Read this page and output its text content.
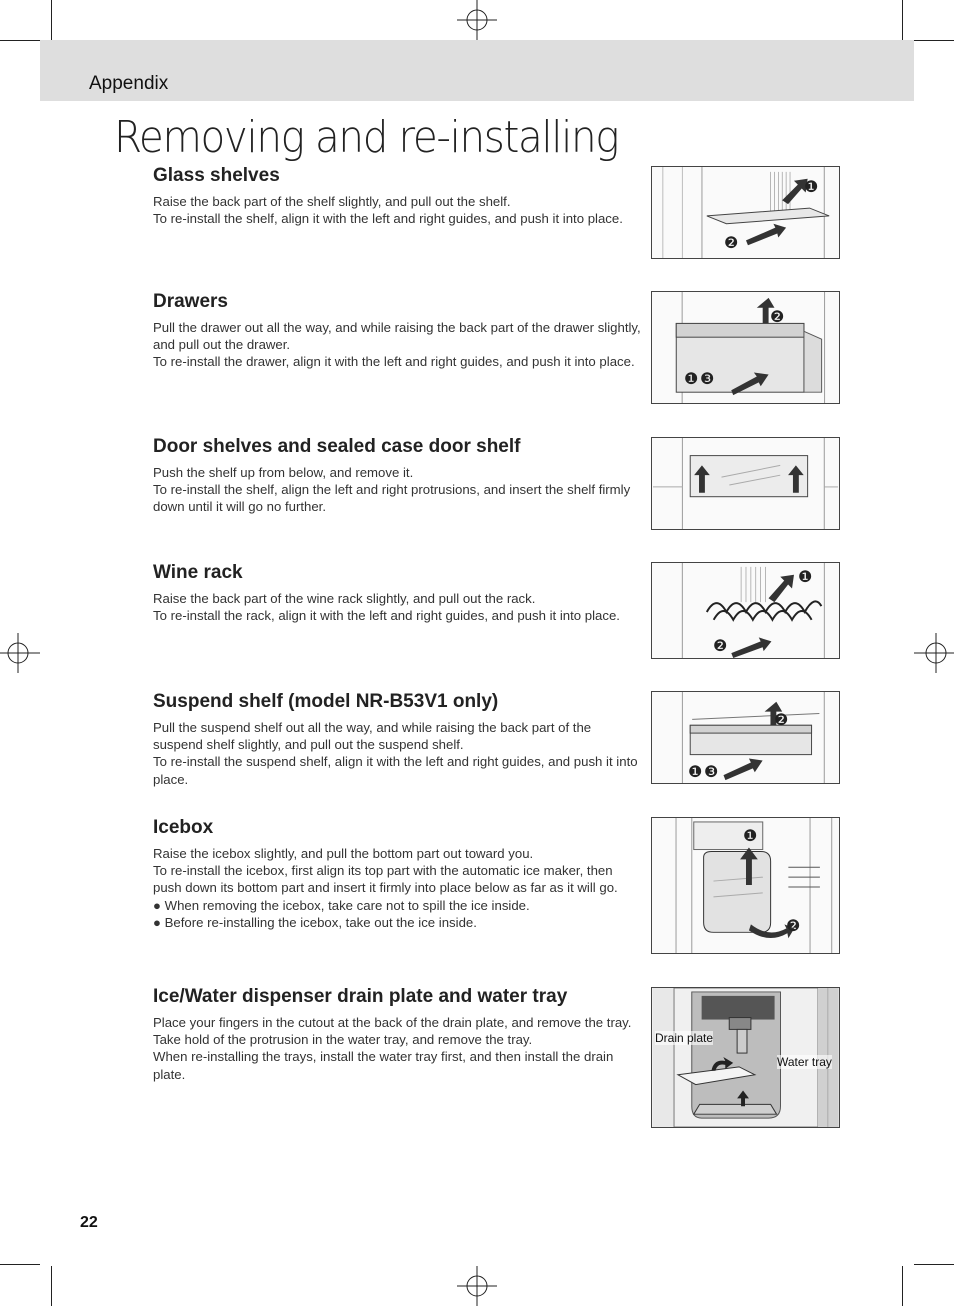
Appendix
Removing and re-installing
Glass shelves

Raise the back part of the shelf slightly, and pull out the shelf.

To re-install the shelf, align it with the left and right guides, and push it into place.

❶
❷
Drawers

Pull the drawer out all the way, and while raising the back part of the drawer slightly, and pull out the drawer.

To re-install the drawer, align it with the left and right guides, and push it into place.

❷
❶ ❸
Door shelves and sealed case door shelf

Push the shelf up from below, and remove it.

To re-install the shelf, align the left and right protrusions, and insert the shelf firmly down until it will go no further.

Wine rack

Raise the back part of the wine rack slightly, and pull out the rack.

To re-install the rack, align it with the left and right guides, and push it into place.

❶
❷
Suspend shelf (model NR-B53V1 only)

Pull the suspend shelf out all the way, and while raising the back part of the suspend shelf slightly, and pull out the suspend shelf.

To re-install the suspend shelf, align it with the left and right guides, and push it into place.

❷
❶ ❸
Icebox

Raise the icebox slightly, and pull the bottom part out toward you.

To re-install the icebox, first align its top part with the automatic ice maker, then push down its bottom part and insert it firmly into place below as far as it will go.

● When removing the icebox, take care not to spill the ice inside.

● Before re-installing the icebox, take out the ice inside.

❶
❷
Ice/Water dispenser drain plate and water tray

Place your fingers in the cutout at the back of the drain plate, and remove the tray.

Take hold of the protrusion in the water tray, and remove the tray.

When re-installing the trays, install the water tray first, and then install the drain plate.

Drain plate
Water tray
22
